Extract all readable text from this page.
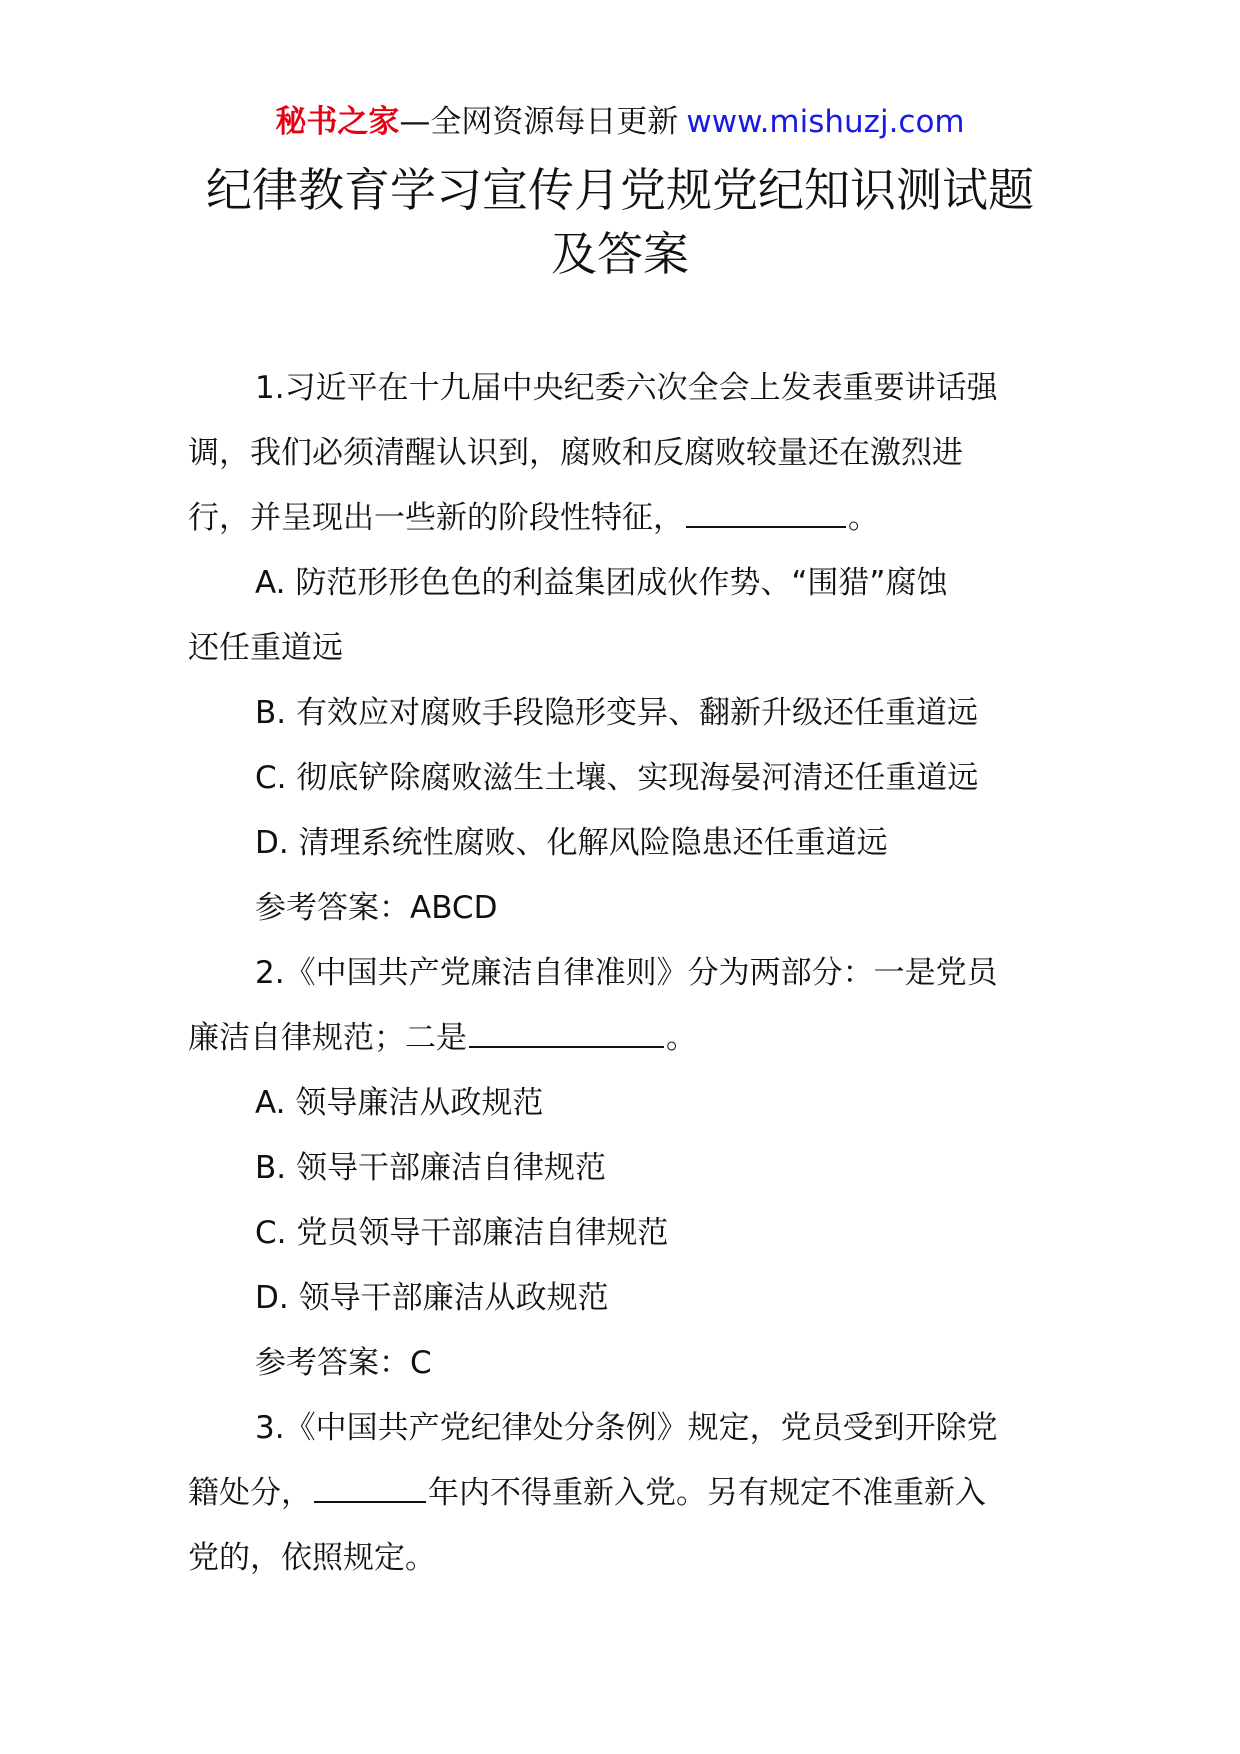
秘书之家—全网资源每日更新 www.mishuzj.com
纪律教育学习宣传月党规党纪知识测试题
及答案
1.习近平在十九届中央纪委六次全会上发表重要讲话强
调，我们必须清醒认识到，腐败和反腐败较量还在激烈进
行，并呈现出一些新的阶段性特征，	。
A. 防范形形色色的利益集团成伙作势、“围猎”腐蚀
还任重道远
B. 有效应对腐败手段隐形变异、翻新升级还任重道远
C. 彻底铲除腐败滋生土壤、实现海晏河清还任重道远
D. 清理系统性腐败、化解风险隐患还任重道远
参考答案：ABCD
2.《中国共产党廉洁自律准则》分为两部分：一是党员
廉洁自律规范；二是	。
A. 领导廉洁从政规范
B. 领导干部廉洁自律规范
C. 党员领导干部廉洁自律规范
D. 领导干部廉洁从政规范
参考答案：C
3.《中国共产党纪律处分条例》规定，党员受到开除党
籍处分，	年内不得重新入党。另有规定不准重新入
党的，依照规定。
